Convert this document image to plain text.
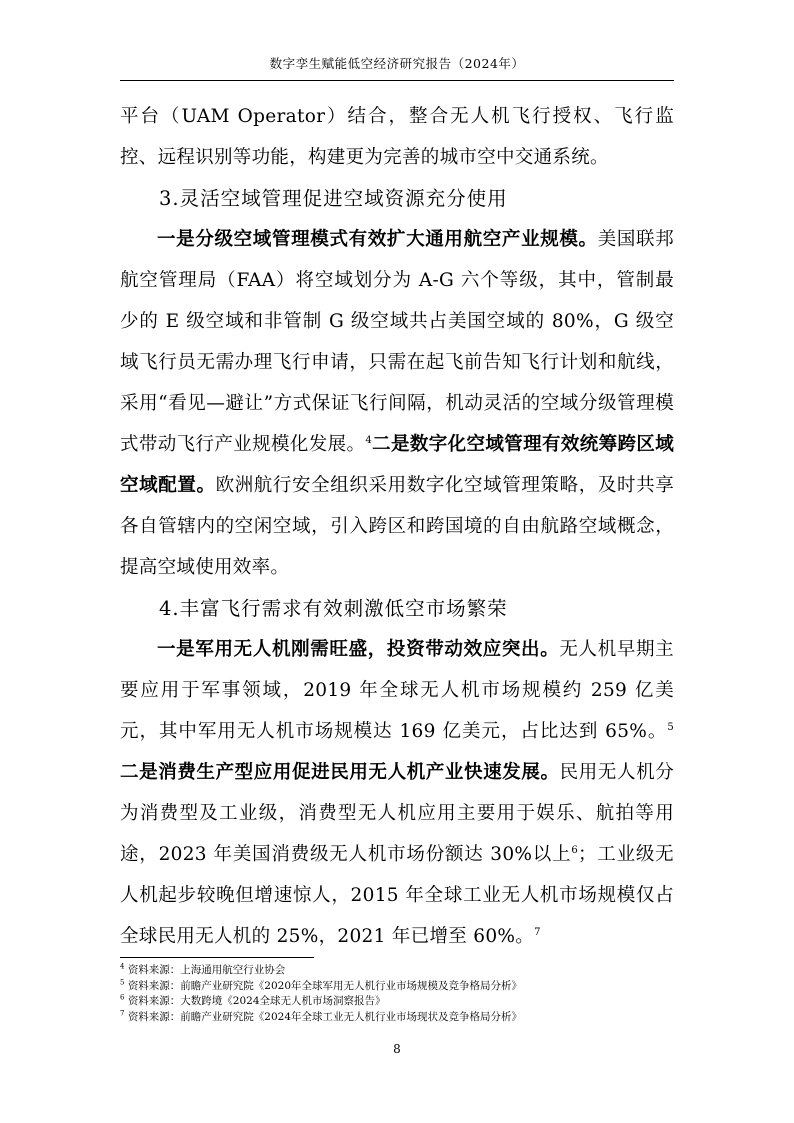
数字孪生赋能低空经济研究报告（2024年）

平台（UAM Operator）结合，整合无人机飞行授权、飞行监控、远程识别等功能，构建更为完善的城市空中交通系统。

3.灵活空域管理促进空域资源充分使用

一是分级空域管理模式有效扩大通用航空产业规模。美国联邦航空管理局（FAA）将空域划分为 A-G 六个等级，其中，管制最少的 E 级空域和非管制 G 级空域共占美国空域的 80%，G 级空域飞行员无需办理飞行申请，只需在起飞前告知飞行计划和航线，采用“看见—避让”方式保证飞行间隔，机动灵活的空域分级管理模式带动飞行产业规模化发展。$^4$二是数字化空域管理有效统筹跨区域空域配置。欧洲航行安全组织采用数字化空域管理策略，及时共享各自管辖内的空闲空域，引入跨区和跨国境的自由航路空域概念，提高空域使用效率。

4.丰富飞行需求有效刺激低空市场繁荣

一是军用无人机刚需旺盛，投资带动效应突出。无人机早期主要应用于军事领域，2019 年全球无人机市场规模约 259 亿美元，其中军用无人机市场规模达 169 亿美元，占比达到 65%。$^5$二是消费生产型应用促进民用无人机产业快速发展。民用无人机分为消费型及工业级，消费型无人机应用主要用于娱乐、航拍等用途，2023 年美国消费级无人机市场份额达 30%以上$^6$；工业级无人机起步较晚但增速惊人，2015 年全球工业无人机市场规模仅占全球民用无人机的 25%，2021 年已增至 60%。$^7$

$^4$ 资料来源：上海通用航空行业协会

$^5$ 资料来源：前瞻产业研究院《2020年全球军用无人机行业市场规模及竞争格局分析》

$^6$ 资料来源：大数跨境《2024全球无人机市场洞察报告》

$^7$ 资料来源：前瞻产业研究院《2024年全球工业无人机行业市场现状及竞争格局分析》

8
